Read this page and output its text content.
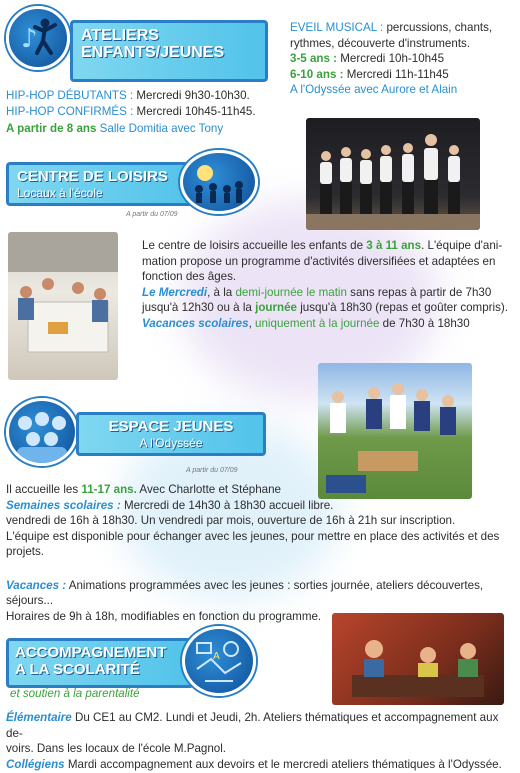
♪	ATELIERS
ENFANTS/JEUNES
HIP-HOP DÉBUTANTS : Mercredi 9h30-10h30.
HIP-HOP CONFIRMÉS : Mercredi 10h45-11h45.
A partir de 8 ans Salle Domitia avec Tony
EVEIL MUSICAL : percussions, chants,
rythmes, découverte d'instruments.
3-5 ans : Mercredi 10h-10h45
6-10 ans : Mercredi 11h-11h45
A l'Odyssée avec Aurore et Alain
CENTRE DE LOISIRS
Locaux à l'école
A partir du 07/09
Le centre de loisirs accueille les enfants de 3 à 11 ans. L'équipe d'ani-
mation propose un programme d'activités diversifiées et adaptées en
fonction des âges.
Le Mercredi, à la demi-journée le matin sans repas à partir de 7h30
jusqu'à 12h30 ou à la journée jusqu'à 18h30 (repas et goûter compris).
Vacances scolaires, uniquement à la journée de 7h30 à 18h30
ESPACE JEUNES
A l'Odyssée
A partir du 07/09
Il accueille les 11-17 ans. Avec Charlotte et Stéphane
Semaines scolaires : Mercredi de 14h30 à 18h30 accueil libre.
vendredi de 16h à 18h30. Un vendredi par mois, ouverture de 16h à 21h sur inscription.
L'équipe est disponible pour échanger avec les jeunes, pour mettre en place des activités et des projets.
Vacances : Animations programmées avec les jeunes : sorties journée, ateliers découvertes, séjours...
Horaires de 9h à 18h, modifiables en fonction du programme.
ACCOMPAGNEMENT
A LA SCOLARITÉ
A
et soutien à la parentalité
Élémentaire Du CE1 au CM2. Lundi et Jeudi, 2h. Ateliers thématiques et accompagnement aux de-
voirs. Dans les locaux de l'école M.Pagnol.
Collégiens Mardi accompagnement aux devoirs et le mercredi ateliers thématiques à l'Odyssée.
